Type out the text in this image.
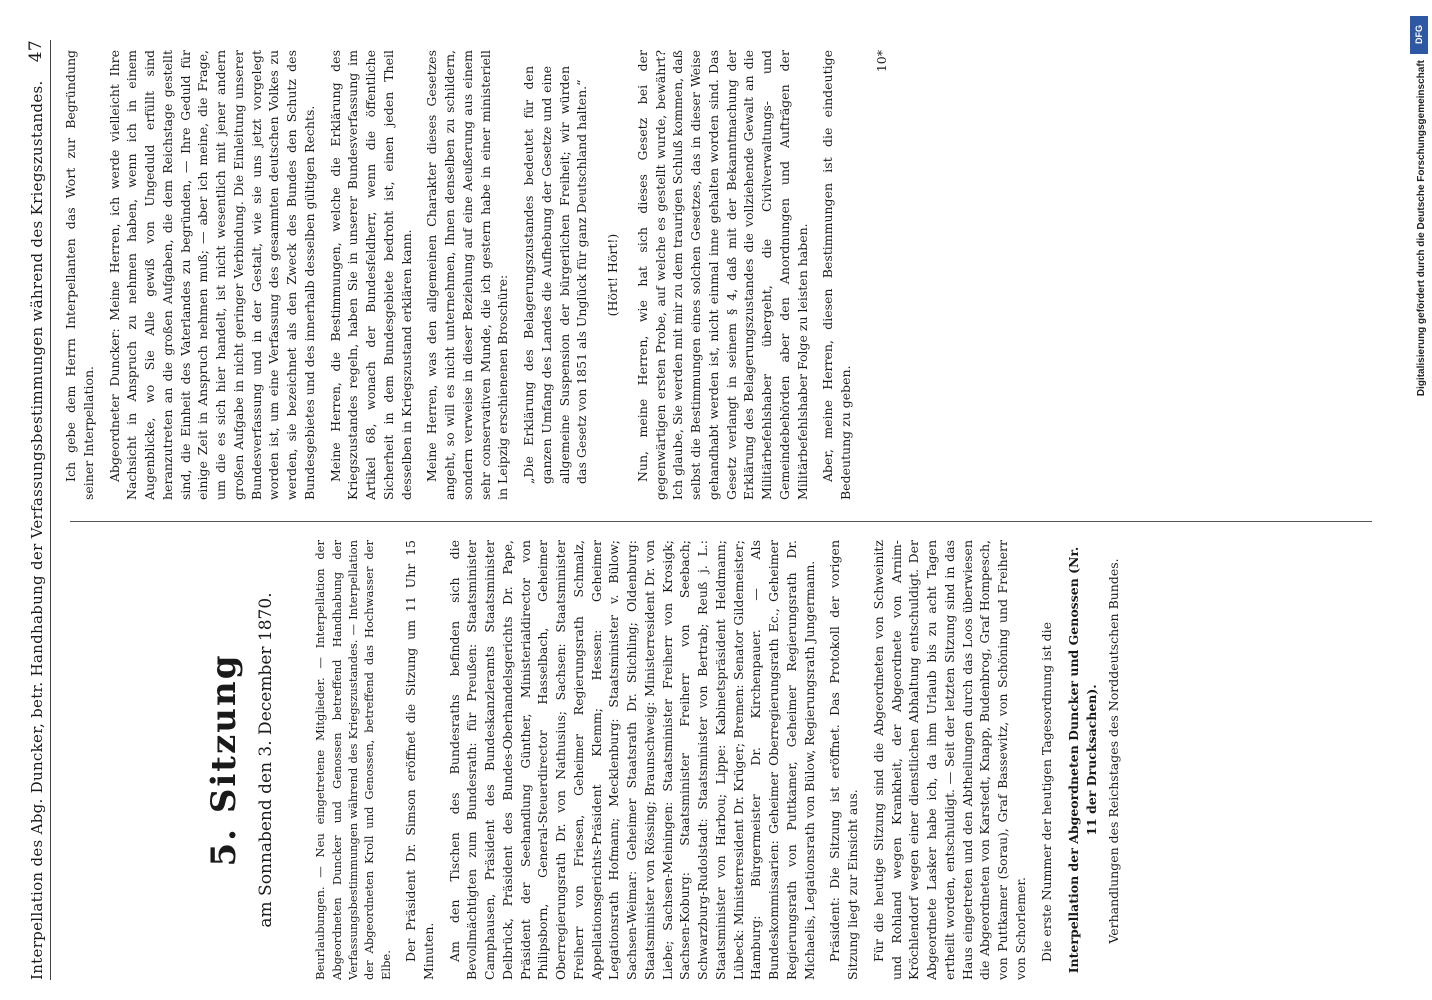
Interpellation des Abg. Duncker, betr. Handhabung der Verfassungsbestimmungen während des Kriegszustandes.
47
5. Sitzung am Sonnabend den 3. December 1870.	Beurlaubungen. — Neu eingetretene Mitglieder. — Interpellation der Abgeordneten Duncker und Genossen betreffend Handhabung der Verfassungsbestimmungen während des Kriegszustandes. — Interpellation der Abgeordneten Kroll und Genossen, betreffend das Hochwasser der Elbe.

Der Präsident Dr. Simson eröffnet die Sitzung um 11 Uhr 15 Minuten. Am den Tischen des Bundesraths befinden sich die Bevollmächtigten zum Bundesrath: für Preußen: Staatsminister Camphausen, Präsident des Bundeskanzleramts Staatsminister Delbrück, Präsident des Bundes-Oberhandelsgerichts Dr. Pape, Präsident der Seehandlung Günther, Ministerialdirector von Philipsborn, General-Steuerdirector Hasselbach, Geheimer Oberregierungsrath Dr. von Nathusius; Sachsen: Staatsminister Freiherr von Friesen, Geheimer Regierungsrath Schmalz, Appellationsgerichts-Präsident Klemm; Hessen: Geheimer Legationsrath Hofmann; Mecklenburg: Staatsminister v. Bülow; Sachsen-Weimar: Geheimer Staatsrath Dr. Stichling; Oldenburg: Staatsminister von Rössing; Braunschweig: Ministerresident Dr. von Liebe; Sachsen-Meiningen: Staatsminister Freiherr von Krosigk; Sachsen-Koburg: Staatsminister Freiherr von Seebach; Schwarzburg-Rudolstadt: Staatsminister von Bertrab; Reuß j. L.: Staatsminister von Harbou; Lippe: Kabinetspräsident Heldmann; Lübeck: Ministerresident Dr. Krüger; Bremen: Senator Gildemeister; Hamburg: Bürgermeister Dr. Kirchenpauer. — Als Bundeskommissarien: Geheimer Oberregierungsrath Ec., Geheimer Regierungsrath von Puttkamer, Geheimer Regierungsrath Dr. Michaelis, Legationsrath von Bülow, Regierungsrath Jungermann. Präsident: Die Sitzung ist eröffnet. Das Protokoll der vorigen Sitzung liegt zur Einsicht aus. Für die heutige Sitzung sind die Abgeordneten von Schweinitz und Rohland wegen Krankheit, der Abgeordnete von Arnim-Kröchlendorf wegen einer dienstlichen Abhaltung entschuldigt. Der Abgeordnete Lasker habe ich, da ihm Urlaub bis zu acht Tagen ertheilt worden, entschuldigt. — Seit der letzten Sitzung sind in das Haus eingetreten und den Abtheilungen durch das Loos überwiesen die Abgeordneten von Karstedt, Knapp, Budenbrog, Graf Hompesch, von Puttkamer (Sorau), Graf Bassewitz, von Schöning und Freiherr von Schorlemer. Die erste Nummer der heutigen Tagesordnung ist die Interpellation der Abgeordneten Duncker und Genossen (Nr. 11 der Drucksachen). Verhandlungen des Reichstages des Norddeutschen Bundes.

Ich gebe dem Herrn Interpellanten das Wort zur Begründung seiner Interpellation. Abgeordneter Duncker: Meine Herren, ich werde vielleicht Ihre Nachsicht in Anspruch zu nehmen haben, wenn ich in einem Augenblicke, wo Sie Alle gewiß von Ungeduld erfüllt sind heranzutreten an die großen Aufgaben, die dem Reichstage gestellt sind, die Einheit des Vaterlandes zu begründen, — Ihre Geduld für einige Zeit in Anspruch nehmen muß; — aber ich meine, die Frage, um die es sich hier handelt, ist nicht wesentlich mit jener andern großen Aufgabe in nicht geringer Verbindung. Die Einleitung unserer Bundesverfassung und in der Gestalt, wie sie uns jetzt vorgelegt worden ist, um eine Verfassung des gesammten deutschen Volkes zu werden, sie bezeichnet als den Zweck des Bundes den Schutz des Bundesgebietes und des innerhalb desselben gültigen Rechts. Meine Herren, die Bestimmungen, welche die Erklärung des Kriegszustandes regeln, haben Sie in unserer Bundesverfassung im Artikel 68, wonach der Bundesfeldherr, wenn die öffentliche Sicherheit in dem Bundesgebiete bedroht ist, einen jeden Theil desselben in Kriegszustand erklären kann. Meine Herren, was den allgemeinen Charakter dieses Gesetzes angeht, so will es nicht unternehmen, Ihnen denselben zu schildern, sondern verweise in dieser Beziehung auf eine Aeußerung aus einem sehr conservativen Munde, die ich gestern habe in einer ministeriell in Leipzig erschienenen Broschüre: „Die Erklärung des Belagerungszustandes bedeutet für den ganzen Umfang des Landes die Aufhebung der Gesetze und eine allgemeine Suspension der bürgerlichen Freiheit; wir würden das Gesetz von 1851 als Unglück für ganz Deutschland halten.“ (Hört! Hört!) Nun, meine Herren, wie hat sich dieses Gesetz bei der gegenwärtigen ersten Probe, auf welche es gestellt wurde, bewährt? Ich glaube, Sie werden mit mir zu dem traurigen Schluß kommen, daß selbst die Bestimmungen eines solchen Gesetzes, das in dieser Weise gehandhabt werden ist, nicht einmal inne gehalten worden sind. Das Gesetz verlangt in seinem § 4, daß mit der Bekanntmachung der Erklärung des Belagerungszustandes die vollziehende Gewalt an die Militärbefehlshaber übergeht, die Civilverwaltungs- und Gemeindebehörden aber den Anordnungen und Aufträgen der Militärbefehlshaber Folge zu leisten haben. Aber, meine Herren, diesen Bestimmungen ist die eindeutige Bedeutung zu geben.

10*
DFG
Digitalisierung gefördert durch die Deutsche Forschungsgemeinschaft
